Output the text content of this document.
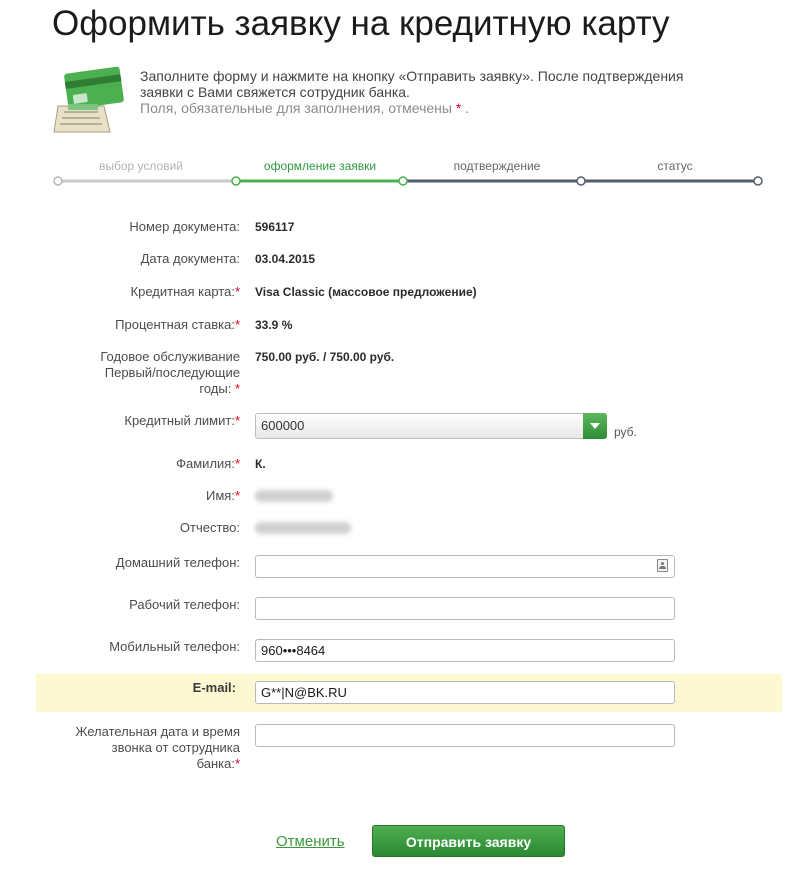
Оформить заявку на кредитную карту
Заполните форму и нажмите на кнопку «Отправить заявку». После подтверждения
заявки с Вами свяжется сотрудник банка.
Поля, обязательные для заполнения, отмечены * .
выбор условий	оформление заявки	подтверждение	статус
Номер документа: 596117
Дата документа: 03.04.2015
Кредитная карта:* Visa Classic (массовое предложение)
Процентная ставка:* 33.9 %
Годовое обслуживание
Первый/последующие
годы: *
750.00 руб. / 750.00 руб.
Кредитный лимит:*	600000	руб.
Фамилия:* К.
Имя:*
Отчество:
Домашний телефон:
Рабочий телефон:
Мобильный телефон:	960•••8464
E-mail:	G**|N@BK.RU
Желательная дата и время
звонка от сотрудника
банка:*
Отменить	Отправить заявку
